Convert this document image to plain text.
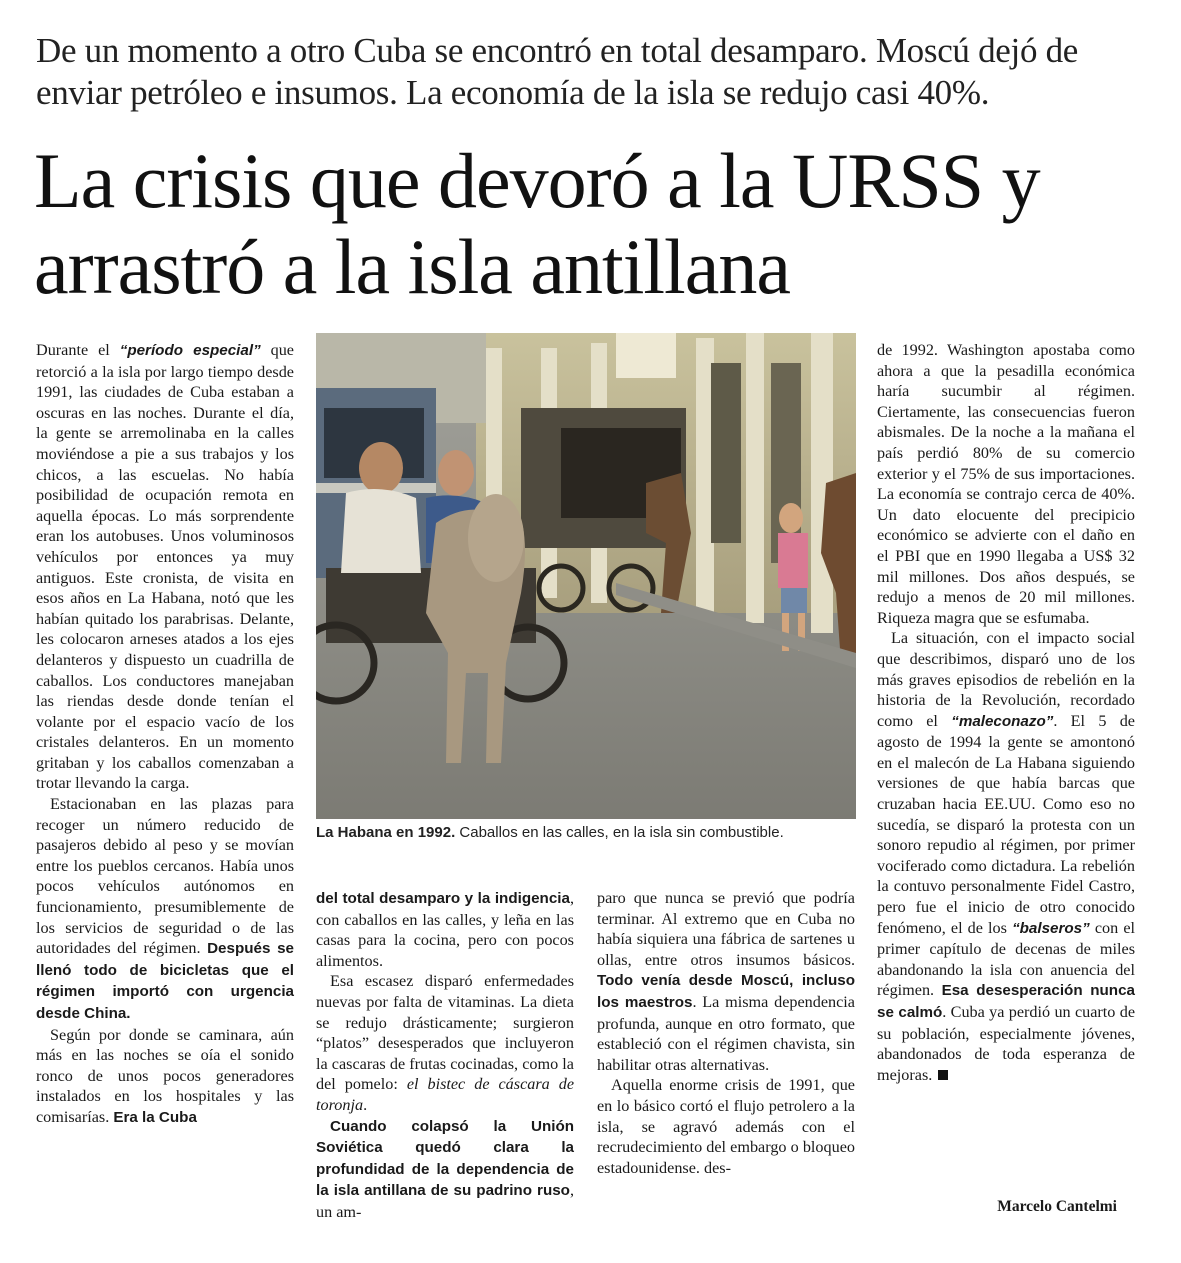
De un momento a otro Cuba se encontró en total desamparo. Moscú dejó de enviar petróleo e insumos. La economía de la isla se redujo casi 40%.
La crisis que devoró a la URSS y arrastró a la isla antillana

Durante el “período especial” que retorció a la isla por largo tiempo desde 1991, las ciudades de Cuba estaban a oscuras en las noches. Durante el día, la gente se arremolinaba en la calles moviéndose a pie a sus trabajos y los chicos, a las escuelas. No había posibilidad de ocupación remota en aquella épocas. Lo más sorprendente eran los autobuses. Unos voluminosos vehículos por entonces ya muy antiguos. Este cronista, de visita en esos años en La Habana, notó que les habían quitado los parabrisas. Delante, les colocaron arneses atados a los ejes delanteros y dispuesto un cuadrilla de caballos. Los conductores manejaban las riendas desde donde tenían el volante por el espacio vacío de los cristales delanteros. En un momento gritaban y los caballos comenzaban a trotar llevando la carga.

Estacionaban en las plazas para recoger un número reducido de pasajeros debido al peso y se movían entre los pueblos cercanos. Había unos pocos vehículos autónomos en funcionamiento, presumiblemente de los servicios de seguridad o de las autoridades del régimen. Después se llenó todo de bicicletas que el régimen importó con urgencia desde China.

Según por donde se caminara, aún más en las noches se oía el sonido ronco de unos pocos generadores instalados en los hospitales y las comisarías. Era la Cuba

La Habana en 1992. Caballos en las calles, en la isla sin combustible.

del total desamparo y la indigencia, con caballos en las calles, y leña en las casas para la cocina, pero con pocos alimentos.

Esa escasez disparó enfermedades nuevas por falta de vitaminas. La dieta se redujo drásticamente; surgieron “platos” desesperados que incluyeron la cascaras de frutas cocinadas, como la del pomelo: el bistec de cáscara de toronja.

Cuando colapsó la Unión Soviética quedó clara la profundidad de la dependencia de la isla antillana de su padrino ruso, un am-

paro que nunca se previó que podría terminar. Al extremo que en Cuba no había siquiera una fábrica de sartenes u ollas, entre otros insumos básicos. Todo venía desde Moscú, incluso los maestros. La misma dependencia profunda, aunque en otro formato, que estableció con el régimen chavista, sin habilitar otras alternativas.

Aquella enorme crisis de 1991, que en lo básico cortó el flujo petrolero a la isla, se agravó además con el recrudecimiento del embargo o bloqueo estadounidense. des-

de 1992. Washington apostaba como ahora a que la pesadilla económica haría sucumbir al régimen. Ciertamente, las consecuencias fueron abismales. De la noche a la mañana el país perdió 80% de su comercio exterior y el 75% de sus importaciones. La economía se contrajo cerca de 40%. Un dato elocuente del precipicio económico se advierte con el daño en el PBI que en 1990 llegaba a US$ 32 mil millones. Dos años después, se redujo a menos de 20 mil millones. Riqueza magra que se esfumaba.

La situación, con el impacto social que describimos, disparó uno de los más graves episodios de rebelión en la historia de la Revolución, recordado como el “maleconazo”. El 5 de agosto de 1994 la gente se amontonó en el malecón de La Habana siguiendo versiones de que había barcas que cruzaban hacia EE.UU. Como eso no sucedía, se disparó la protesta con un sonoro repudio al régimen, por primer vociferado como dictadura. La rebelión la contuvo personalmente Fidel Castro, pero fue el inicio de otro conocido fenómeno, el de los “balseros” con el primer capítulo de decenas de miles abandonando la isla con anuencia del régimen. Esa desesperación nunca se calmó. Cuba ya perdió un cuarto de su población, especialmente jóvenes, abandonados de toda esperanza de mejoras.

Marcelo Cantelmi
